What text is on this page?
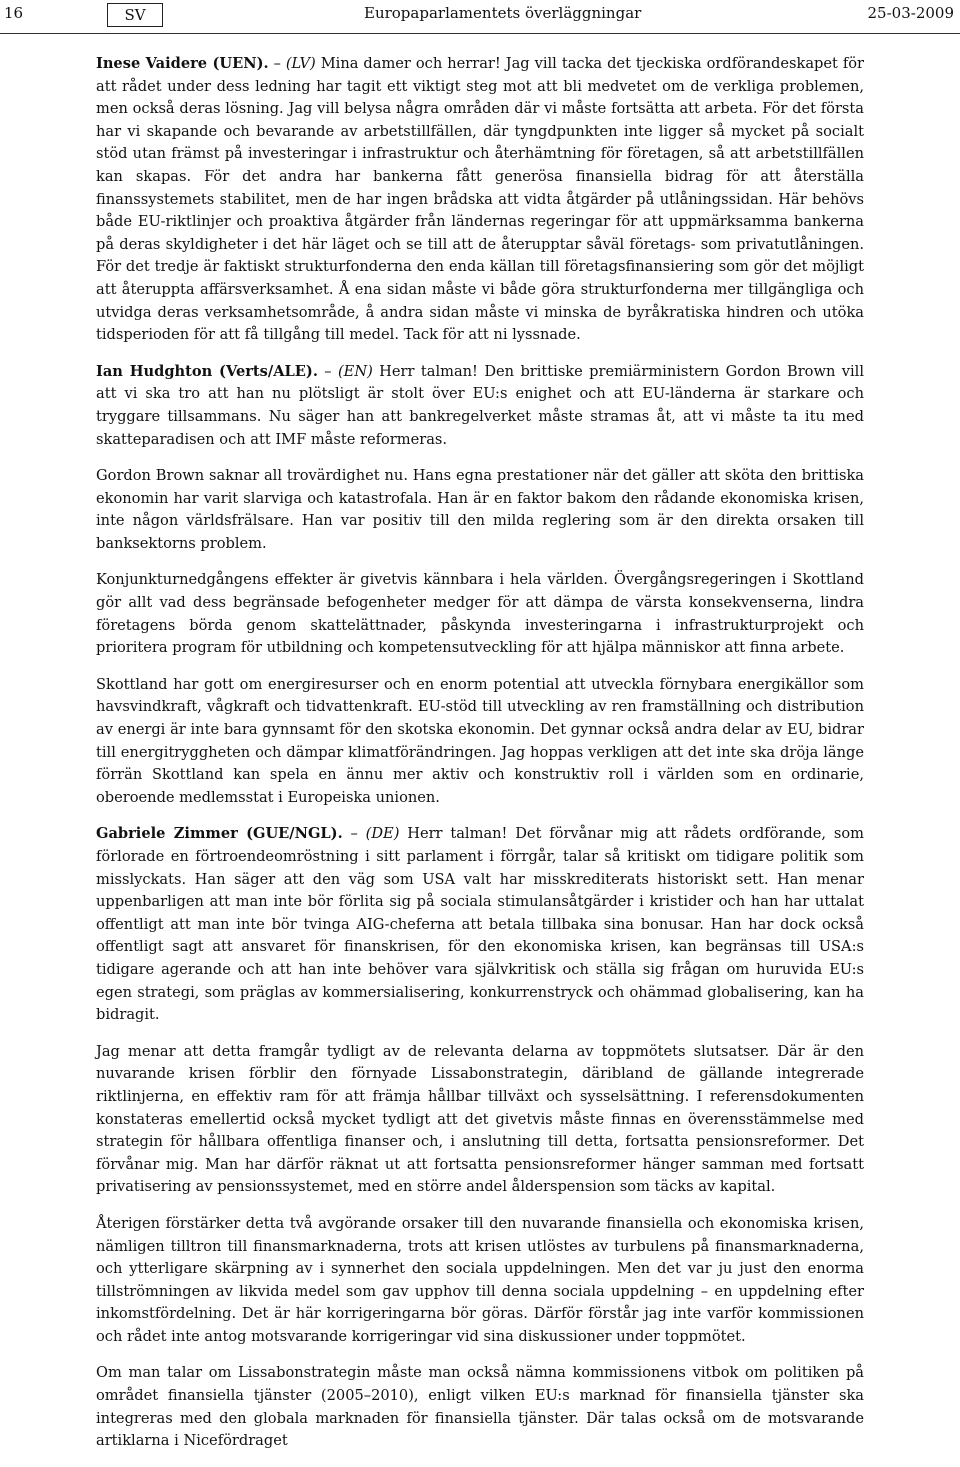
16	SV	Europaparlamentets överläggningar	25-03-2009

Inese Vaidere (UEN). – (LV) Mina damer och herrar! Jag vill tacka det tjeckiska ordförandeskapet för att rådet under dess ledning har tagit ett viktigt steg mot att bli medvetet om de verkliga problemen, men också deras lösning. Jag vill belysa några områden där vi måste fortsätta att arbeta. För det första har vi skapande och bevarande av arbetstillfällen, där tyngdpunkten inte ligger så mycket på socialt stöd utan främst på investeringar i infrastruktur och återhämtning för företagen, så att arbetstillfällen kan skapas. För det andra har bankerna fått generösa finansiella bidrag för att återställa finanssystemets stabilitet, men de har ingen brådska att vidta åtgärder på utlåningssidan. Här behövs både EU-riktlinjer och proaktiva åtgärder från ländernas regeringar för att uppmärksamma bankerna på deras skyldigheter i det här läget och se till att de återupptar såväl företags- som privatutlåningen. För det tredje är faktiskt strukturfonderna den enda källan till företagsfinansiering som gör det möjligt att återuppta affärsverksamhet. Å ena sidan måste vi både göra strukturfonderna mer tillgängliga och utvidga deras verksamhetsområde, å andra sidan måste vi minska de byråkratiska hindren och utöka tidsperioden för att få tillgång till medel. Tack för att ni lyssnade.

Ian Hudghton (Verts/ALE). – (EN) Herr talman! Den brittiske premiärministern Gordon Brown vill att vi ska tro att han nu plötsligt är stolt över EU:s enighet och att EU-länderna är starkare och tryggare tillsammans. Nu säger han att bankregelverket måste stramas åt, att vi måste ta itu med skatteparadisen och att IMF måste reformeras.

Gordon Brown saknar all trovärdighet nu. Hans egna prestationer när det gäller att sköta den brittiska ekonomin har varit slarviga och katastrofala. Han är en faktor bakom den rådande ekonomiska krisen, inte någon världsfrälsare. Han var positiv till den milda reglering som är den direkta orsaken till banksektorns problem.

Konjunkturnedgångens effekter är givetvis kännbara i hela världen. Övergångsregeringen i Skottland gör allt vad dess begränsade befogenheter medger för att dämpa de värsta konsekvenserna, lindra företagens börda genom skattelättnader, påskynda investeringarna i infrastrukturprojekt och prioritera program för utbildning och kompetensutveckling för att hjälpa människor att finna arbete.

Skottland har gott om energiresurser och en enorm potential att utveckla förnybara energikällor som havsvindkraft, vågkraft och tidvattenkraft. EU-stöd till utveckling av ren framställning och distribution av energi är inte bara gynnsamt för den skotska ekonomin. Det gynnar också andra delar av EU, bidrar till energitryggheten och dämpar klimatförändringen. Jag hoppas verkligen att det inte ska dröja länge förrän Skottland kan spela en ännu mer aktiv och konstruktiv roll i världen som en ordinarie, oberoende medlemsstat i Europeiska unionen.

Gabriele Zimmer (GUE/NGL). – (DE) Herr talman! Det förvånar mig att rådets ordförande, som förlorade en förtroendeomröstning i sitt parlament i förrgår, talar så kritiskt om tidigare politik som misslyckats. Han säger att den väg som USA valt har misskrediterats historiskt sett. Han menar uppenbarligen att man inte bör förlita sig på sociala stimulansåtgärder i kristider och han har uttalat offentligt att man inte bör tvinga AIG-cheferna att betala tillbaka sina bonusar. Han har dock också offentligt sagt att ansvaret för finanskrisen, för den ekonomiska krisen, kan begränsas till USA:s tidigare agerande och att han inte behöver vara självkritisk och ställa sig frågan om huruvida EU:s egen strategi, som präglas av kommersialisering, konkurrenstryck och ohämmad globalisering, kan ha bidragit.

Jag menar att detta framgår tydligt av de relevanta delarna av toppmötets slutsatser. Där är den nuvarande krisen förblir den förnyade Lissabonstrategin, däribland de gällande integrerade riktlinjerna, en effektiv ram för att främja hållbar tillväxt och sysselsättning. I referensdokumenten konstateras emellertid också mycket tydligt att det givetvis måste finnas en överensstämmelse med strategin för hållbara offentliga finanser och, i anslutning till detta, fortsatta pensionsreformer. Det förvånar mig. Man har därför räknat ut att fortsatta pensionsreformer hänger samman med fortsatt privatisering av pensionssystemet, med en större andel ålderspension som täcks av kapital.

Återigen förstärker detta två avgörande orsaker till den nuvarande finansiella och ekonomiska krisen, nämligen tilltron till finansmarknaderna, trots att krisen utlöstes av turbulens på finansmarknaderna, och ytterligare skärpning av i synnerhet den sociala uppdelningen. Men det var ju just den enorma tillströmningen av likvida medel som gav upphov till denna sociala uppdelning – en uppdelning efter inkomstfördelning. Det är här korrigeringarna bör göras. Därför förstår jag inte varför kommissionen och rådet inte antog motsvarande korrigeringar vid sina diskussioner under toppmötet.

Om man talar om Lissabonstrategin måste man också nämna kommissionens vitbok om politiken på området finansiella tjänster (2005–2010), enligt vilken EU:s marknad för finansiella tjänster ska integreras med den globala marknaden för finansiella tjänster. Där talas också om de motsvarande artiklarna i Nicefördraget
